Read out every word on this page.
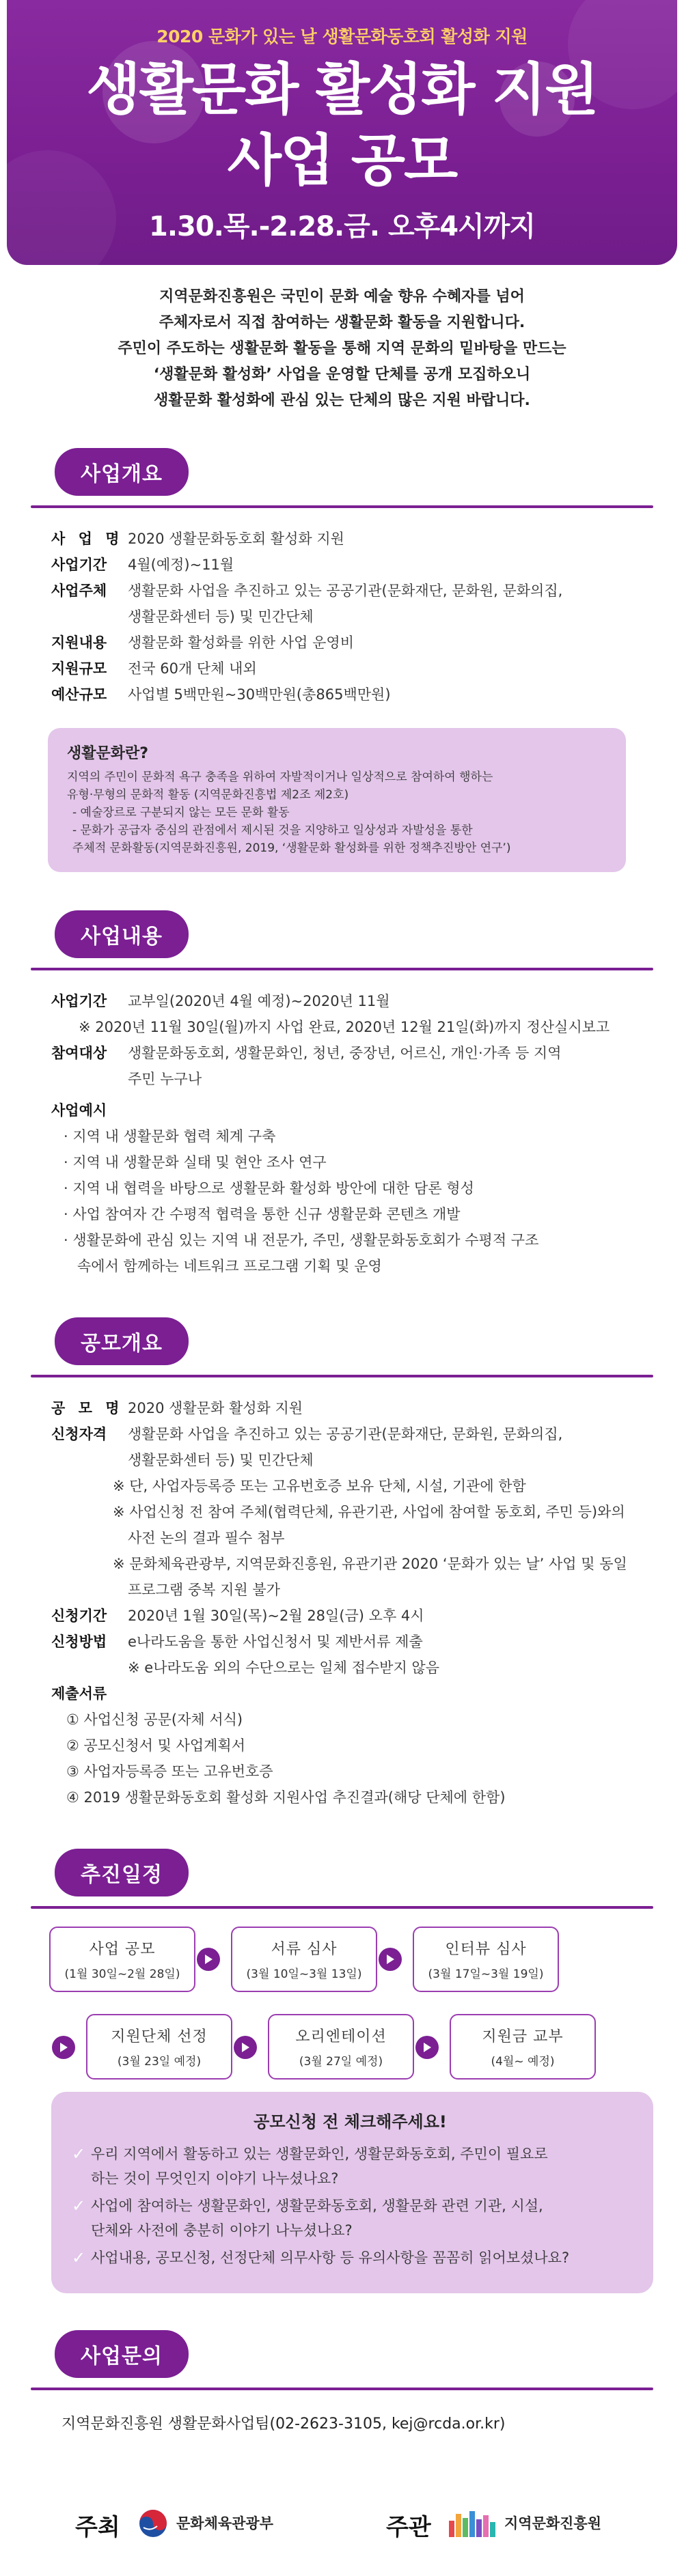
2020 문화가 있는 날 생활문화동호회 활성화 지원
생활문화 활성화 지원
사업 공모
1.30.목.-2.28.금. 오후4시까지
지역문화진흥원은 국민이 문화 예술 향유 수혜자를 넘어
주체자로서 직접 참여하는 생활문화 활동을 지원합니다.
주민이 주도하는 생활문화 활동을 통해 지역 문화의 밑바탕을 만드는
‘생활문화 활성화’ 사업을 운영할 단체를 공개 모집하오니
생활문화 활성화에 관심 있는 단체의 많은 지원 바랍니다.
사업개요
사 업 명 2020 생활문화동호회 활성화 지원
사업기간	4월(예정)~11월
사업주체	생활문화 사업을 추진하고 있는 공공기관(문화재단, 문화원, 문화의집,
생활문화센터 등) 및 민간단체
지원내용	생활문화 활성화를 위한 사업 운영비
지원규모	전국 60개 단체 내외
예산규모	사업별 5백만원~30백만원(총865백만원)
생활문화란?
지역의 주민이 문화적 욕구 충족을 위하여 자발적이거나 일상적으로 참여하여 행하는
유형·무형의 문화적 활동 (지역문화진흥법 제2조 제2호)
- 예술장르로 구분되지 않는 모든 문화 활동
- 문화가 공급자 중심의 관점에서 제시된 것을 지양하고 일상성과 자발성을 통한
주체적 문화활동(지역문화진흥원, 2019, ‘생활문화 활성화를 위한 정책추진방안 연구’)
사업내용
사업기간	교부일(2020년 4월 예정)~2020년 11월
※ 2020년 11월 30일(월)까지 사업 완료, 2020년 12월 21일(화)까지 정산실시보고
참여대상	생활문화동호회, 생활문화인, 청년, 중장년, 어르신, 개인·가족 등 지역
주민 누구나
사업예시
· 지역 내 생활문화 협력 체계 구축
· 지역 내 생활문화 실태 및 현안 조사 연구
· 지역 내 협력을 바탕으로 생활문화 활성화 방안에 대한 담론 형성
· 사업 참여자 간 수평적 협력을 통한 신규 생활문화 콘텐츠 개발
· 생활문화에 관심 있는 지역 내 전문가, 주민, 생활문화동호회가 수평적 구조
속에서 함께하는 네트워크 프로그램 기획 및 운영
공모개요
공 모 명 2020 생활문화 활성화 지원
신청자격	생활문화 사업을 추진하고 있는 공공기관(문화재단, 문화원, 문화의집,
생활문화센터 등) 및 민간단체
※ 단, 사업자등록증 또는 고유번호증 보유 단체, 시설, 기관에 한함
※ 사업신청 전 참여 주체(협력단체, 유관기관, 사업에 참여할 동호회, 주민 등)와의
사전 논의 결과 필수 첨부
※ 문화체육관광부, 지역문화진흥원, 유관기관 2020 ‘문화가 있는 날’ 사업 및 동일
프로그램 중복 지원 불가
신청기간	2020년 1월 30일(목)~2월 28일(금) 오후 4시
신청방법	e나라도움을 통한 사업신청서 및 제반서류 제출
※ e나라도움 외의 수단으로는 일체 접수받지 않음
제출서류
① 사업신청 공문(자체 서식)
② 공모신청서 및 사업계획서
③ 사업자등록증 또는 고유번호증
④ 2019 생활문화동호회 활성화 지원사업 추진결과(해당 단체에 한함)
추진일정
사업 공모
(1월 30일~2월 28일)
서류 심사
(3월 10일~3월 13일)
인터뷰 심사
(3월 17일~3월 19일)
지원단체 선정
(3월 23일 예정)
오리엔테이션
(3월 27일 예정)
지원금 교부
(4월~ 예정)
공모신청 전 체크해주세요!
✓ 우리 지역에서 활동하고 있는 생활문화인, 생활문화동호회, 주민이 필요로
하는 것이 무엇인지 이야기 나누셨나요?
✓ 사업에 참여하는 생활문화인, 생활문화동호회, 생활문화 관련 기관, 시설,
단체와 사전에 충분히 이야기 나누셨나요?
✓ 사업내용, 공모신청, 선정단체 의무사항 등 유의사항을 꼼꼼히 읽어보셨나요?
사업문의
지역문화진흥원 생활문화사업팀(02-2623-3105, kej@rcda.or.kr)
주최	문화체육관광부	주관	지역문화진흥원
